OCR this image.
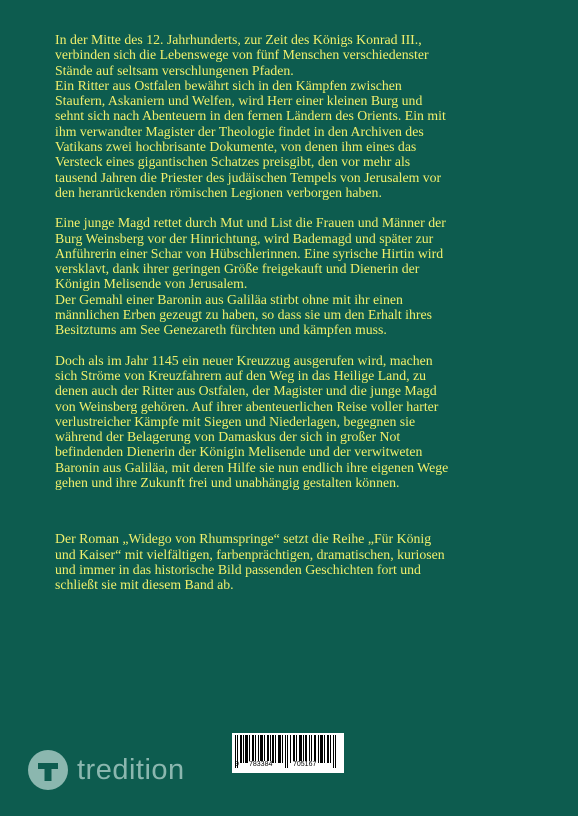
In der Mitte des 12. Jahrhunderts, zur Zeit des Königs Konrad III.,
verbinden sich die Lebenswege von fünf Menschen verschiedenster
Stände auf seltsam verschlungenen Pfaden.
Ein Ritter aus Ostfalen bewährt sich in den Kämpfen zwischen
Staufern, Askaniern und Welfen, wird Herr einer kleinen Burg und
sehnt sich nach Abenteuern in den fernen Ländern des Orients. Ein mit
ihm verwandter Magister der Theologie findet in den Archiven des
Vatikans zwei hochbrisante Dokumente, von denen ihm eines das
Versteck eines gigantischen Schatzes preisgibt, den vor mehr als
tausend Jahren die Priester des judäischen Tempels von Jerusalem vor
den heranrückenden römischen Legionen verborgen haben.

Eine junge Magd rettet durch Mut und List die Frauen und Männer der
Burg Weinsberg vor der Hinrichtung, wird Bademagd und später zur
Anführerin einer Schar von Hübschlerinnen. Eine syrische Hirtin wird
versklavt, dank ihrer geringen Größe freigekauft und Dienerin der
Königin Melisende von Jerusalem.
Der Gemahl einer Baronin aus Galiläa stirbt ohne mit ihr einen
männlichen Erben gezeugt zu haben, so dass sie um den Erhalt ihres
Besitztums am See Genezareth fürchten und kämpfen muss.

Doch als im Jahr 1145 ein neuer Kreuzzug ausgerufen wird, machen
sich Ströme von Kreuzfahrern auf den Weg in das Heilige Land, zu
denen auch der Ritter aus Ostfalen, der Magister und die junge Magd
von Weinsberg gehören. Auf ihrer abenteuerlichen Reise voller harter
verlustreicher Kämpfe mit Siegen und Niederlagen, begegnen sie
während der Belagerung von Damaskus der sich in großer Not
befindenden Dienerin der Königin Melisende und der verwitweten
Baronin aus Galiläa, mit deren Hilfe sie nun endlich ihre eigenen Wege
gehen und ihre Zukunft frei und unabhängig gestalten können.

Der Roman „Widego von Rhumspringe“ setzt die Reihe „Für König
und Kaiser“ mit vielfältigen, farbenprächtigen, dramatischen, kuriosen
und immer in das historische Bild passenden Geschichten fort und
schließt sie mit diesem Band ab.

tredition	9 783384	705167
